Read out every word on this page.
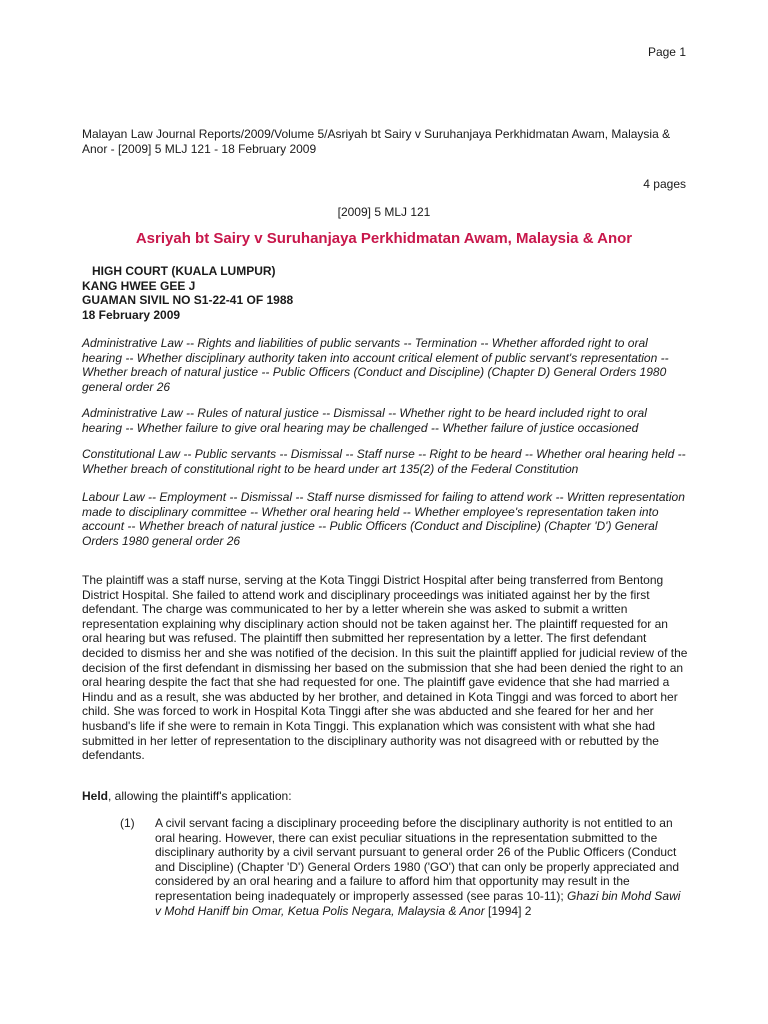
Page 1
Malayan Law Journal Reports/2009/Volume 5/Asriyah bt Sairy v Suruhanjaya Perkhidmatan Awam, Malaysia & Anor - [2009] 5 MLJ 121 - 18 February 2009
4 pages
[2009] 5 MLJ 121
Asriyah bt Sairy v Suruhanjaya Perkhidmatan Awam, Malaysia & Anor
HIGH COURT (KUALA LUMPUR)
KANG HWEE GEE J
GUAMAN SIVIL NO S1-22-41 OF 1988
18 February 2009
Administrative Law -- Rights and liabilities of public servants -- Termination -- Whether afforded right to oral hearing -- Whether disciplinary authority taken into account critical element of public servant's representation -- Whether breach of natural justice -- Public Officers (Conduct and Discipline) (Chapter D) General Orders 1980 general order 26
Administrative Law -- Rules of natural justice -- Dismissal -- Whether right to be heard included right to oral hearing -- Whether failure to give oral hearing may be challenged -- Whether failure of justice occasioned
Constitutional Law -- Public servants -- Dismissal -- Staff nurse -- Right to be heard -- Whether oral hearing held -- Whether breach of constitutional right to be heard under art 135(2) of the Federal Constitution
Labour Law -- Employment -- Dismissal -- Staff nurse dismissed for failing to attend work -- Written representation made to disciplinary committee -- Whether oral hearing held -- Whether employee's representation taken into account -- Whether breach of natural justice -- Public Officers (Conduct and Discipline) (Chapter 'D') General Orders 1980 general order 26
The plaintiff was a staff nurse, serving at the Kota Tinggi District Hospital after being transferred from Bentong District Hospital. She failed to attend work and disciplinary proceedings was initiated against her by the first defendant. The charge was communicated to her by a letter wherein she was asked to submit a written representation explaining why disciplinary action should not be taken against her. The plaintiff requested for an oral hearing but was refused. The plaintiff then submitted her representation by a letter. The first defendant decided to dismiss her and she was notified of the decision. In this suit the plaintiff applied for judicial review of the decision of the first defendant in dismissing her based on the submission that she had been denied the right to an oral hearing despite the fact that she had requested for one. The plaintiff gave evidence that she had married a Hindu and as a result, she was abducted by her brother, and detained in Kota Tinggi and was forced to abort her child. She was forced to work in Hospital Kota Tinggi after she was abducted and she feared for her and her husband's life if she were to remain in Kota Tinggi. This explanation which was consistent with what she had submitted in her letter of representation to the disciplinary authority was not disagreed with or rebutted by the defendants.
Held, allowing the plaintiff's application:
(1) A civil servant facing a disciplinary proceeding before the disciplinary authority is not entitled to an oral hearing. However, there can exist peculiar situations in the representation submitted to the disciplinary authority by a civil servant pursuant to general order 26 of the Public Officers (Conduct and Discipline) (Chapter 'D') General Orders 1980 ('GO') that can only be properly appreciated and considered by an oral hearing and a failure to afford him that opportunity may result in the representation being inadequately or improperly assessed (see paras 10-11); Ghazi bin Mohd Sawi v Mohd Haniff bin Omar, Ketua Polis Negara, Malaysia & Anor [1994] 2
